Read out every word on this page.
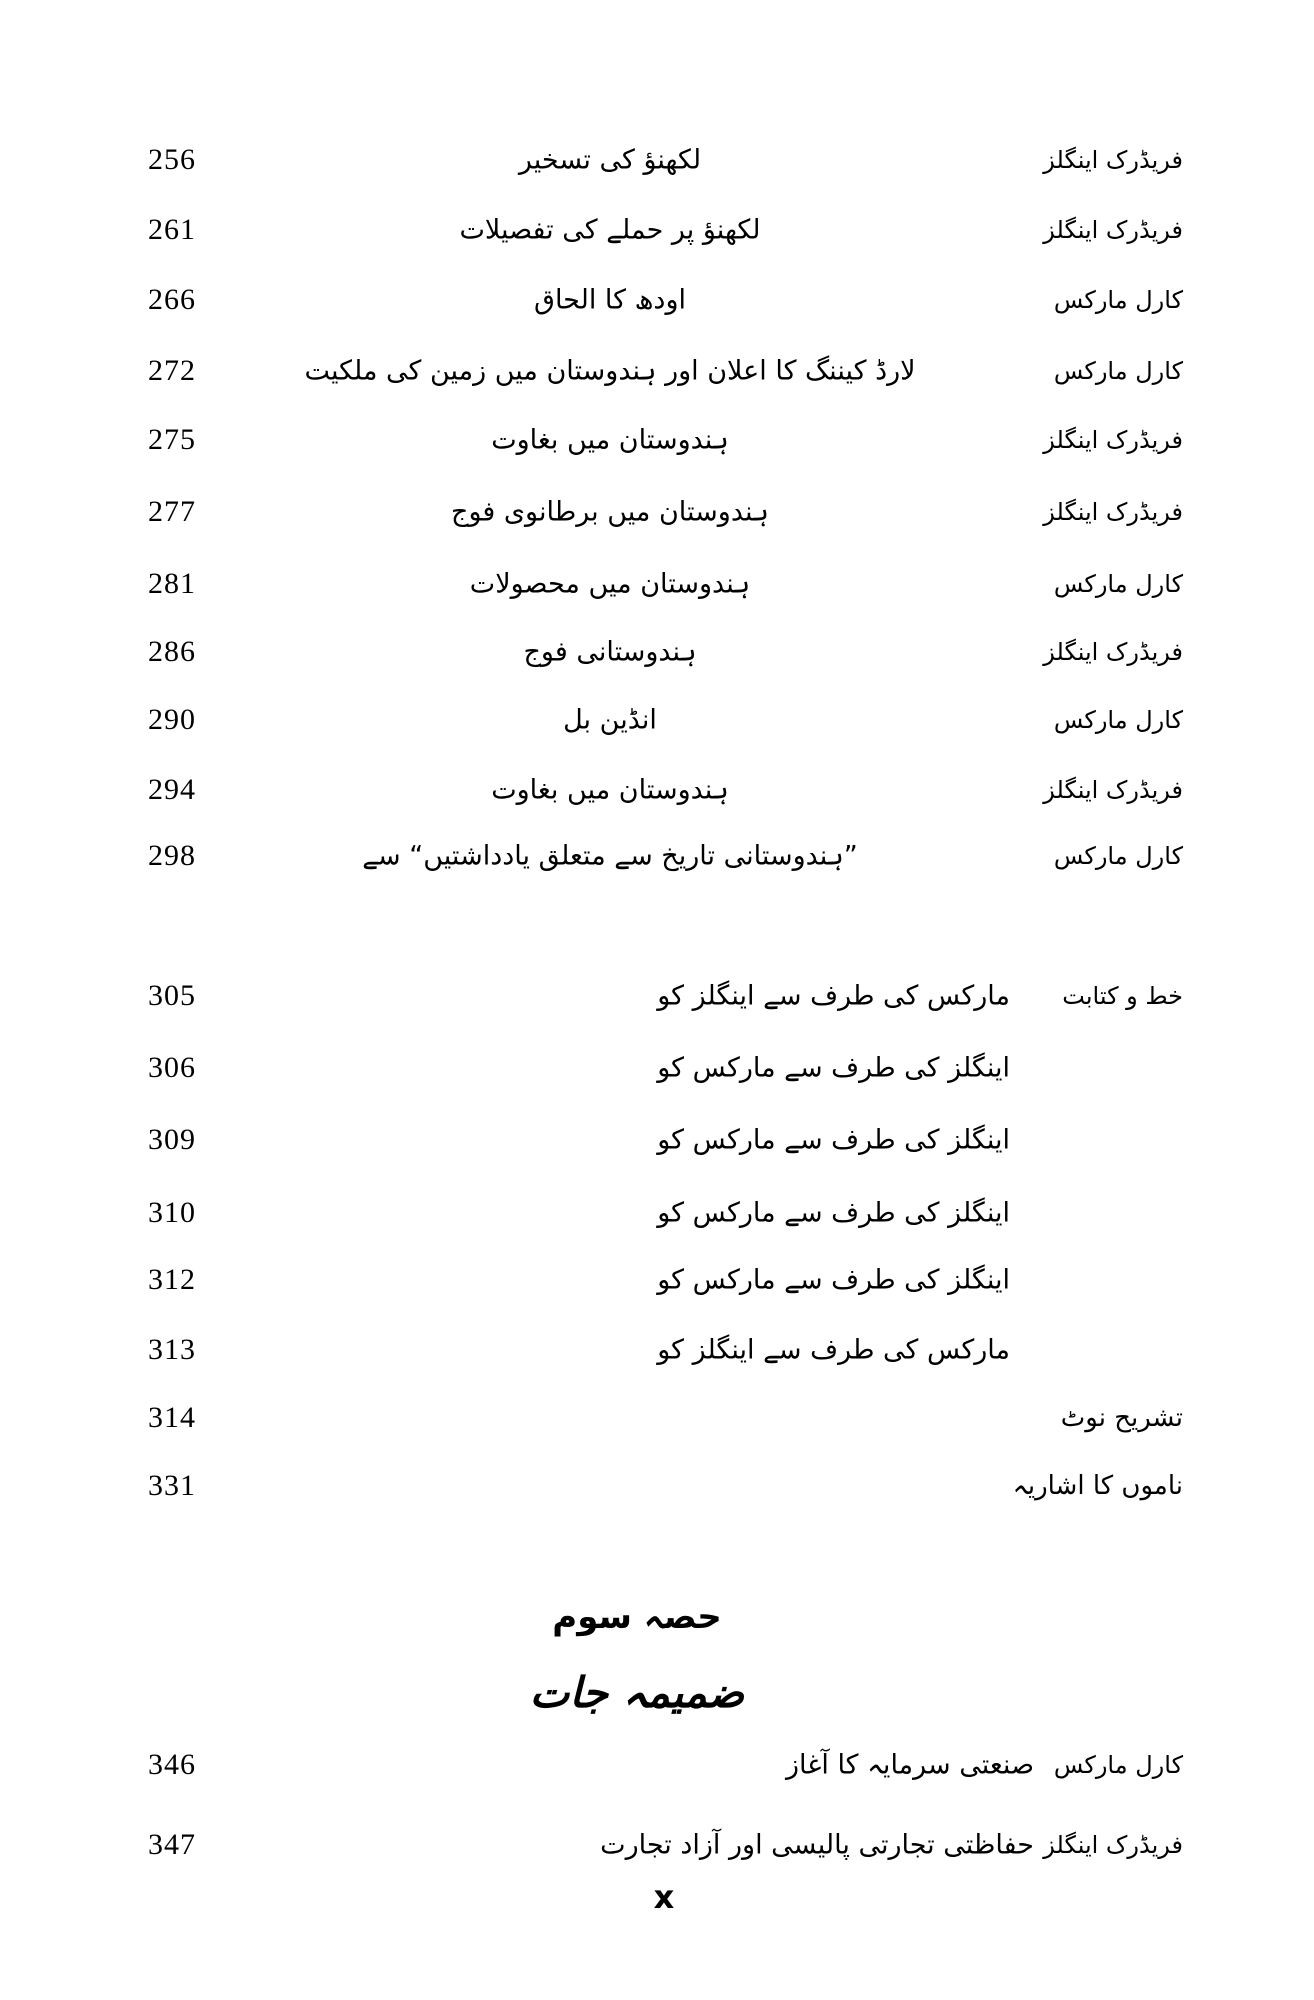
فریڈرک اینگلز
لکھنؤ کی تسخیر
256
فریڈرک اینگلز
لکھنؤ پر حملے کی تفصیلات
261
کارل مارکس
اودھ کا الحاق
266
کارل مارکس
لارڈ کیننگ کا اعلان اور ہندوستان میں زمین کی ملکیت
272
فریڈرک اینگلز
ہندوستان میں بغاوت
275
فریڈرک اینگلز
ہندوستان میں برطانوی فوج
277
کارل مارکس
ہندوستان میں محصولات
281
فریڈرک اینگلز
ہندوستانی فوج
286
کارل مارکس
انڈین بل
290
فریڈرک اینگلز
ہندوستان میں بغاوت
294
کارل مارکس
”ہندوستانی تاریخ سے متعلق یادداشتیں“ سے
298
خط و کتابت
مارکس کی طرف سے اینگلز کو
305
اینگلز کی طرف سے مارکس کو
306
اینگلز کی طرف سے مارکس کو
309
اینگلز کی طرف سے مارکس کو
310
اینگلز کی طرف سے مارکس کو
312
مارکس کی طرف سے اینگلز کو
313
تشریح نوٹ
314
ناموں کا اشاریہ
331
حصہ سوم
ضمیمہ جات
کارل مارکس
صنعتی سرمایہ کا آغاز
346
فریڈرک اینگلز
حفاظتی تجارتی پالیسی اور آزاد تجارت
347
x
